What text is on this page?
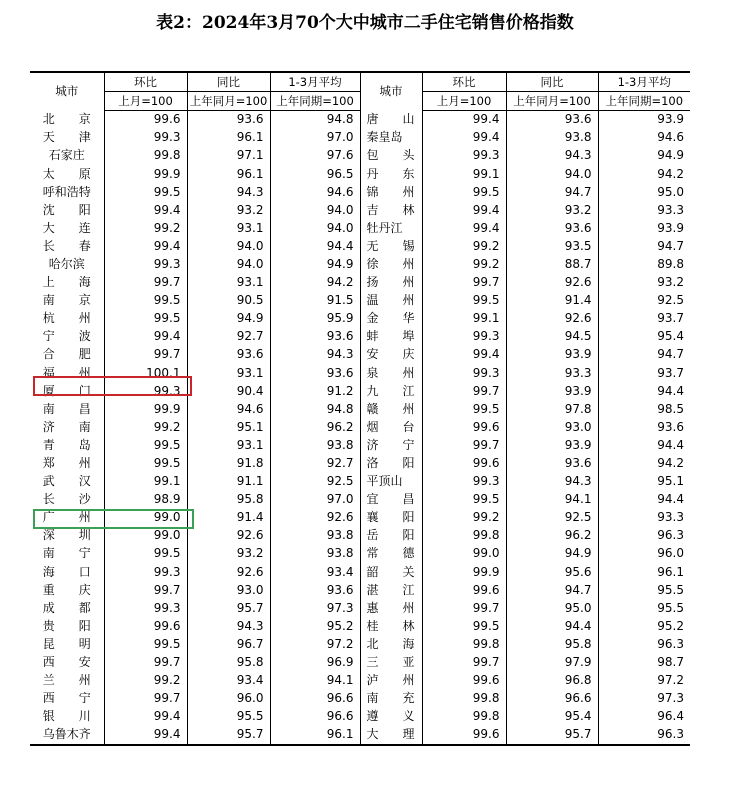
表2：2024年3月70个大中城市二手住宅销售价格指数
城市	环比	同比	1-3月平均	城市	环比	同比	1-3月平均
	上月=100	上年同月=100	上年同期=100		上月=100	上年同月=100	上年同期=100
北　　京	99.6	93.6	94.8	唐　　山	99.4	93.6	93.9
天　　津	99.3	96.1	97.0	秦皇岛	99.4	93.8	94.6
石家庄	99.8	97.1	97.6	包　　头	99.3	94.3	94.9
太　　原	99.9	96.1	96.5	丹　　东	99.1	94.0	94.2
呼和浩特	99.5	94.3	94.6	锦　　州	99.5	94.7	95.0
沈　　阳	99.4	93.2	94.0	吉　　林	99.4	93.2	93.3
大　　连	99.2	93.1	94.0	牡丹江	99.4	93.6	93.9
长　　春	99.4	94.0	94.4	无　　锡	99.2	93.5	94.7
哈尔滨	99.3	94.0	94.9	徐　　州	99.2	88.7	89.8
上　　海	99.7	93.1	94.2	扬　　州	99.7	92.6	93.2
南　　京	99.5	90.5	91.5	温　　州	99.5	91.4	92.5
杭　　州	99.5	94.9	95.9	金　　华	99.1	92.6	93.7
宁　　波	99.4	92.7	93.6	蚌　　埠	99.3	94.5	95.4
合　　肥	99.7	93.6	94.3	安　　庆	99.4	93.9	94.7
福　　州	100.1	93.1	93.6	泉　　州	99.3	93.3	93.7
厦　　门	99.3	90.4	91.2	九　　江	99.7	93.9	94.4
南　　昌	99.9	94.6	94.8	赣　　州	99.5	97.8	98.5
济　　南	99.2	95.1	96.2	烟　　台	99.6	93.0	93.6
青　　岛	99.5	93.1	93.8	济　　宁	99.7	93.9	94.4
郑　　州	99.5	91.8	92.7	洛　　阳	99.6	93.6	94.2
武　　汉	99.1	91.1	92.5	平顶山	99.3	94.3	95.1
长　　沙	98.9	95.8	97.0	宜　　昌	99.5	94.1	94.4
广　　州	99.0	91.4	92.6	襄　　阳	99.2	92.5	93.3
深　　圳	99.0	92.6	93.8	岳　　阳	99.8	96.2	96.3
南　　宁	99.5	93.2	93.8	常　　德	99.0	94.9	96.0
海　　口	99.3	92.6	93.4	韶　　关	99.9	95.6	96.1
重　　庆	99.7	93.0	93.6	湛　　江	99.6	94.7	95.5
成　　都	99.3	95.7	97.3	惠　　州	99.7	95.0	95.5
贵　　阳	99.6	94.3	95.2	桂　　林	99.5	94.4	95.2
昆　　明	99.5	96.7	97.2	北　　海	99.8	95.8	96.3
西　　安	99.7	95.8	96.9	三　　亚	99.7	97.9	98.7
兰　　州	99.2	93.4	94.1	泸　　州	99.6	96.8	97.2
西　　宁	99.7	96.0	96.6	南　　充	99.8	96.6	97.3
银　　川	99.4	95.5	96.6	遵　　义	99.8	95.4	96.4
乌鲁木齐	99.4	95.7	96.1	大　　理	99.6	95.7	96.3
